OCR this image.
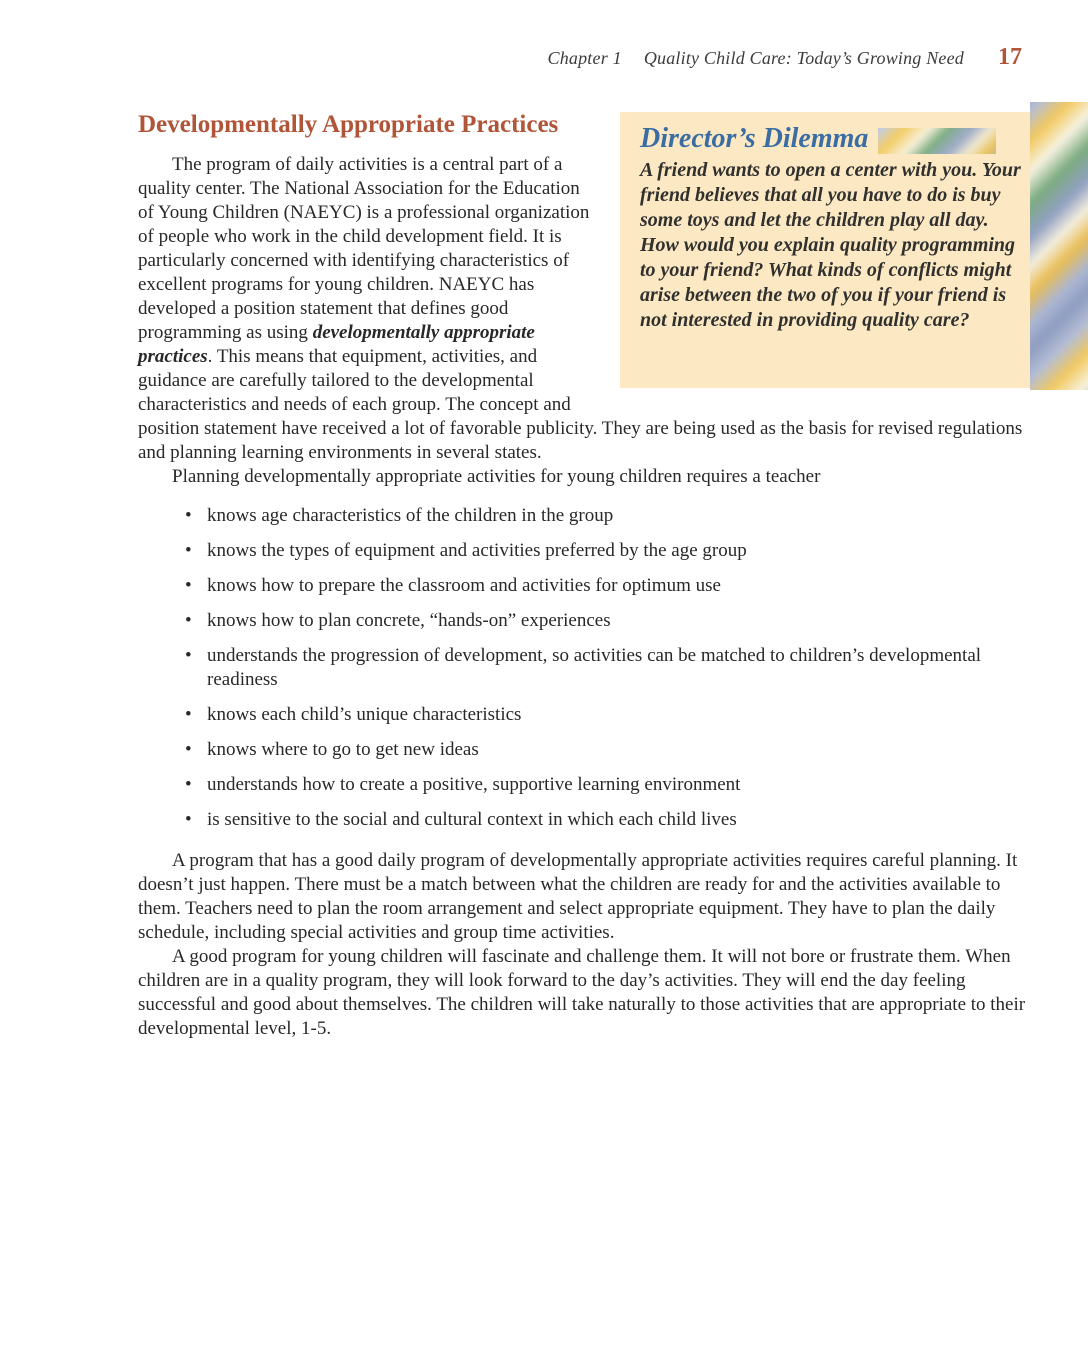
Chapter 1 Quality Child Care: Today’s Growing Need 17
Director’s Dilemma
A friend wants to open a center with you. Your friend believes that all you have to do is buy some toys and let the children play all day. How would you explain quality programming to your friend? What kinds of conflicts might arise between the two of you if your friend is not interested in providing quality care?
Developmentally Appropriate Practices

The program of daily activities is a central part of a quality center. The National Association for the Education of Young Children (NAEYC) is a professional organization of people who work in the child development field. It is particularly concerned with identifying characteristics of excellent programs for young children. NAEYC has developed a position statement that defines good programming as using developmentally appropriate practices. This means that equipment, activities, and guidance are carefully tailored to the developmental characteristics and needs of each group. The concept and position statement have received a lot of favorable publicity. They are being used as the basis for revised regulations and planning learning environments in several states.

Planning developmentally appropriate activities for young children requires a teacher

• knows age characteristics of the children in the group
• knows the types of equipment and activities preferred by the age group
• knows how to prepare the classroom and activities for optimum use
• knows how to plan concrete, “hands-on” experiences
• understands the progression of development, so activities can be matched to children’s developmental readiness
• knows each child’s unique characteristics
• knows where to go to get new ideas
• understands how to create a positive, supportive learning environment
• is sensitive to the social and cultural context in which each child lives

A program that has a good daily program of developmentally appropriate activities requires careful planning. It doesn’t just happen. There must be a match between what the children are ready for and the activities available to them. Teachers need to plan the room arrangement and select appropriate equipment. They have to plan the daily schedule, including special activities and group time activities.

A good program for young children will fascinate and challenge them. It will not bore or frustrate them. When children are in a quality program, they will look forward to the day’s activities. They will end the day feeling successful and good about themselves. The children will take naturally to those activities that are appropriate to their developmental level, 1-5.
